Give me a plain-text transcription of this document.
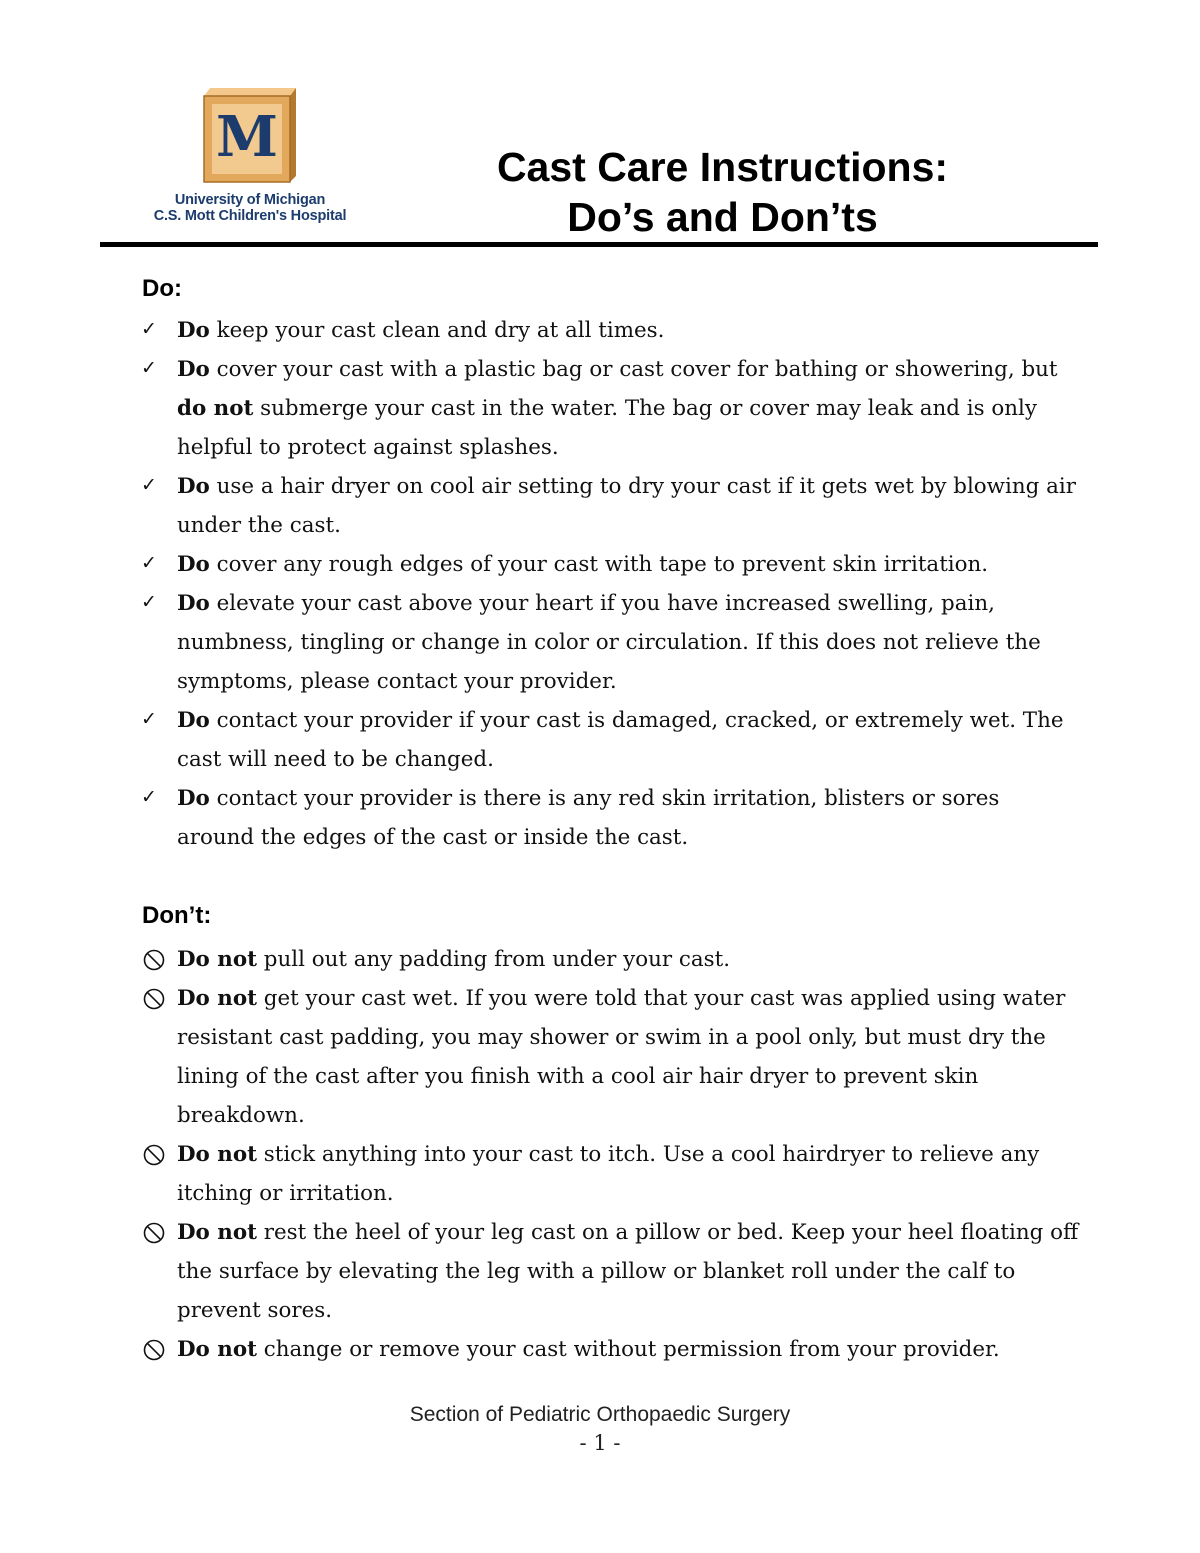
M
University of Michigan
C.S. Mott Children's Hospital
Cast Care Instructions:
Do’s and Don’ts
Do:
✓ Do keep your cast clean and dry at all times.
✓ Do cover your cast with a plastic bag or cast cover for bathing or showering, but do not submerge your cast in the water. The bag or cover may leak and is only helpful to protect against splashes.
✓ Do use a hair dryer on cool air setting to dry your cast if it gets wet by blowing air under the cast.
✓ Do cover any rough edges of your cast with tape to prevent skin irritation.
✓ Do elevate your cast above your heart if you have increased swelling, pain, numbness, tingling or change in color or circulation. If this does not relieve the symptoms, please contact your provider.
✓ Do contact your provider if your cast is damaged, cracked, or extremely wet. The cast will need to be changed.
✓ Do contact your provider is there is any red skin irritation, blisters or sores around the edges of the cast or inside the cast.
Don’t:
Do not pull out any padding from under your cast.
Do not get your cast wet. If you were told that your cast was applied using water resistant cast padding, you may shower or swim in a pool only, but must dry the lining of the cast after you finish with a cool air hair dryer to prevent skin breakdown.
Do not stick anything into your cast to itch. Use a cool hairdryer to relieve any itching or irritation.
Do not rest the heel of your leg cast on a pillow or bed. Keep your heel floating off the surface by elevating the leg with a pillow or blanket roll under the calf to prevent sores.
Do not change or remove your cast without permission from your provider.
Section of Pediatric Orthopaedic Surgery
- 1 -
